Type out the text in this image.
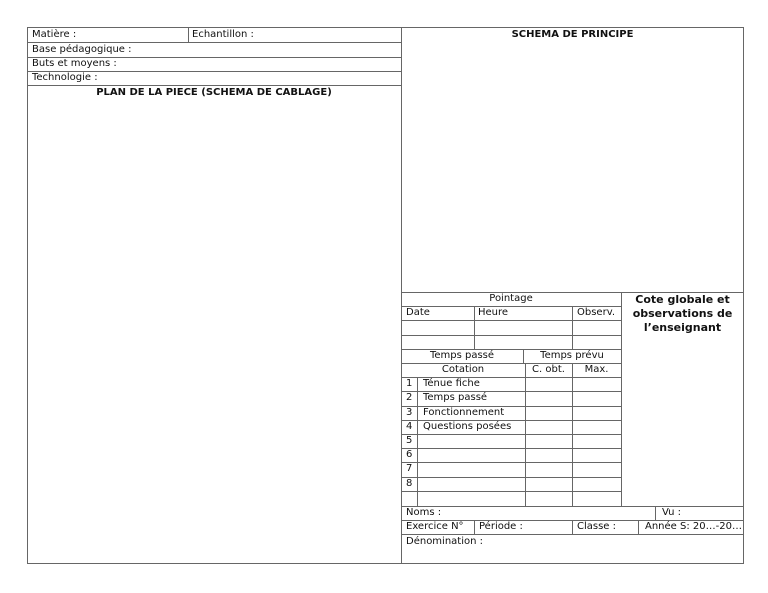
Matière :	Echantillon :
Base pédagogique :
Buts et moyens :
Technologie :
PLAN DE LA PIECE (SCHEMA DE CABLAGE)
SCHEMA DE PRINCIPE
Pointage
Date	Heure	Observ.
Temps passé	Temps prévu
Cotation	C. obt.	Max.
1 Ténue fiche
2 Temps passé
3 Fonctionnement
4 Questions posées
5
6
7
8
Cote globale et observations de l’enseignant
Noms :	Vu :
Exercice N° Période :	Classe :	Année S: 20…-20…
Dénomination :
